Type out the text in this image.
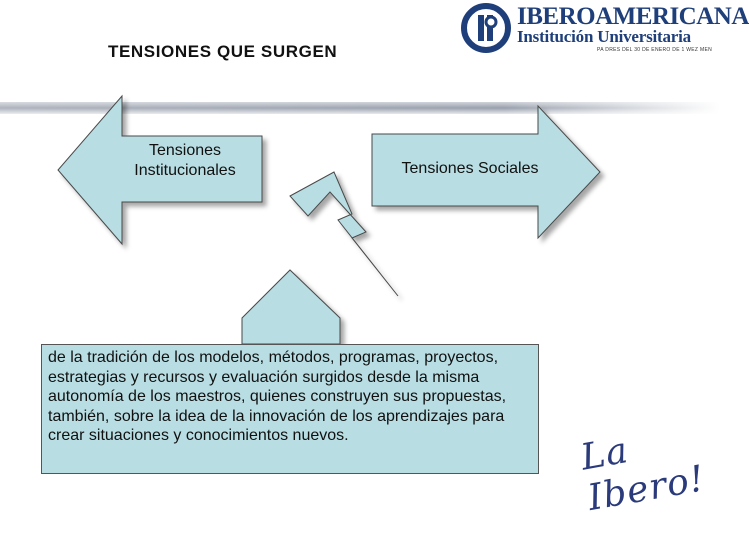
TENSIONES QUE SURGEN
IBEROAMERICANA
Institución Universitaria
PA DRES DEL 30 DE ENERO DE 1 WEZ MEN
Tensiones Institucionales	Tensiones Sociales
de la tradición de los modelos, métodos, programas, proyectos, estrategias y recursos y evaluación surgidos desde la misma autonomía de los maestros, quienes construyen sus propuestas, también, sobre la idea de la innovación de los aprendizajes para crear situaciones y conocimientos nuevos.	La Ibero!
